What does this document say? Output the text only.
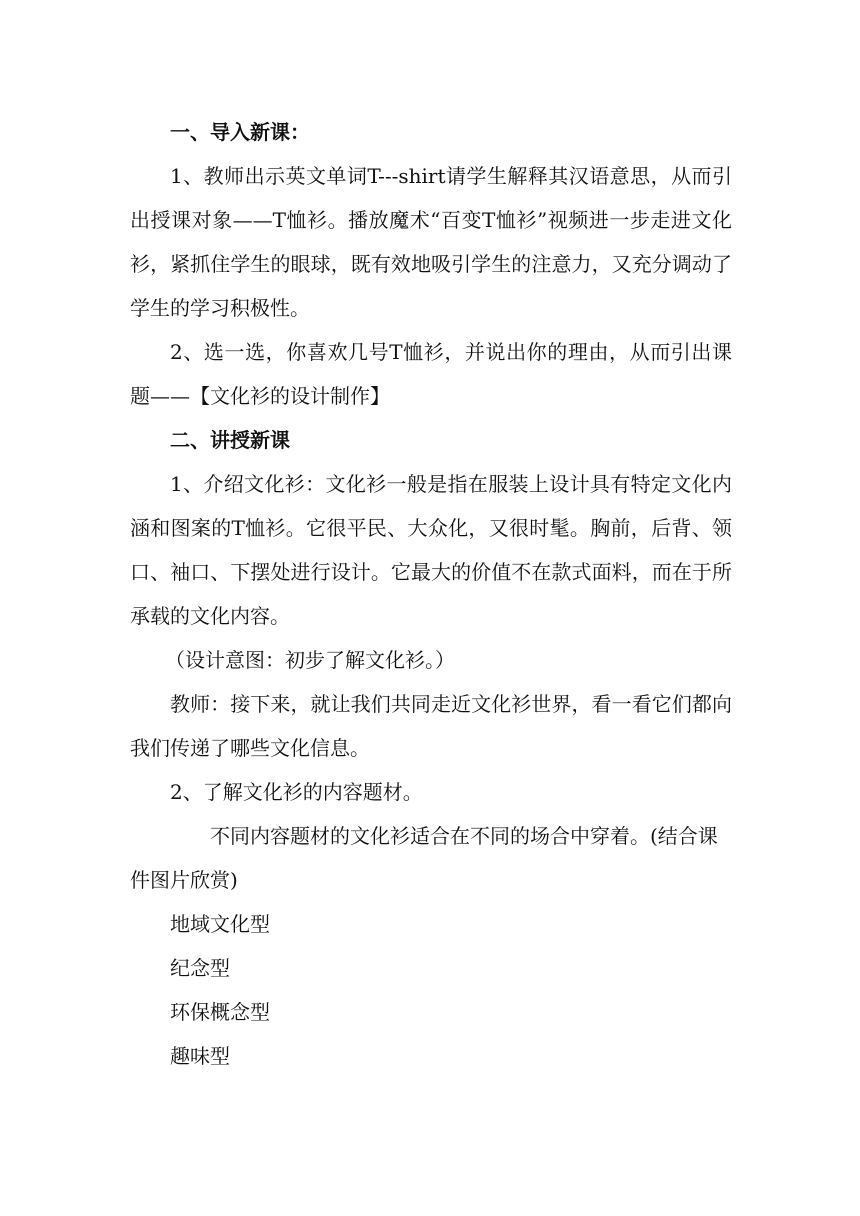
一、导入新课：

1、教师出示英文单词T---shirt请学生解释其汉语意思，从而引出授课对象——T恤衫。播放魔术“百变T恤衫”视频进一步走进文化衫，紧抓住学生的眼球，既有效地吸引学生的注意力，又充分调动了学生的学习积极性。

2、选一选，你喜欢几号T恤衫，并说出你的理由，从而引出课题——【文化衫的设计制作】

二、讲授新课

1、介绍文化衫：文化衫一般是指在服装上设计具有特定文化内涵和图案的T恤衫。它很平民、大众化，又很时髦。胸前，后背、领口、袖口、下摆处进行设计。它最大的价值不在款式面料，而在于所承载的文化内容。

（设计意图：初步了解文化衫。）

教师：接下来，就让我们共同走近文化衫世界，看一看它们都向我们传递了哪些文化信息。

2、了解文化衫的内容题材。

不同内容题材的文化衫适合在不同的场合中穿着。(结合课件图片欣赏)

地域文化型

纪念型

环保概念型

趣味型
